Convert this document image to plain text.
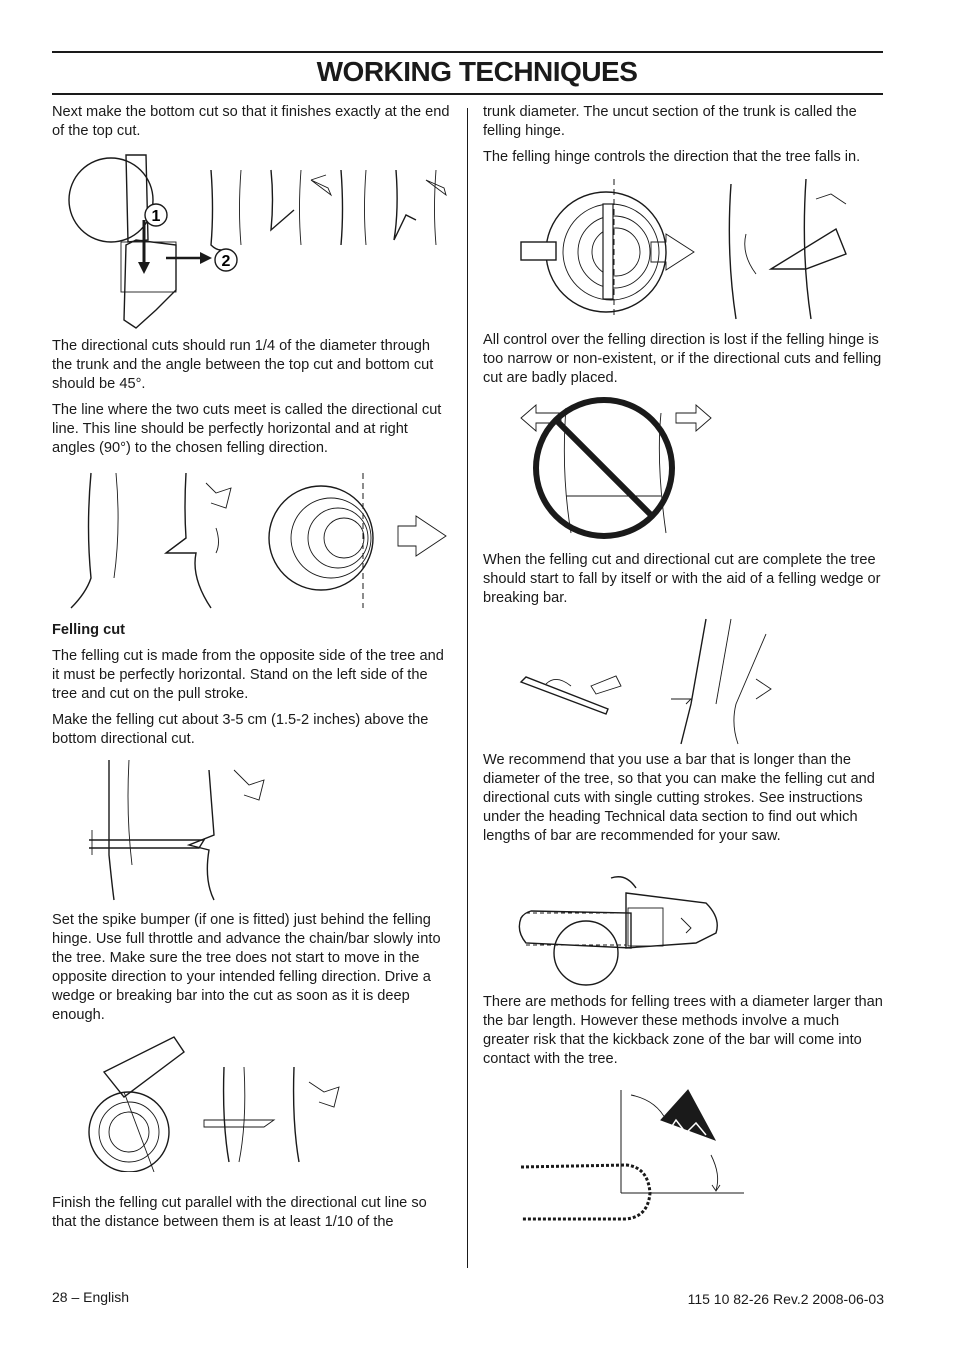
WORKING TECHNIQUES

Next make the bottom cut so that it finishes exactly at the end of the top cut.

1
2

The directional cuts should run 1/4 of the diameter through the trunk and the angle between the top cut and bottom cut should be 45°.

The line where the two cuts meet is called the directional cut line. This line should be perfectly horizontal and at right angles (90°) to the chosen felling direction.

Felling cut

The felling cut is made from the opposite side of the tree and it must be perfectly horizontal. Stand on the left side of the tree and cut on the pull stroke.

Make the felling cut about 3-5 cm (1.5-2 inches) above the bottom directional cut.

Set the spike bumper (if one is fitted) just behind the felling hinge. Use full throttle and advance the chain/bar slowly into the tree. Make sure the tree does not start to move in the opposite direction to your intended felling direction. Drive a wedge or breaking bar into the cut as soon as it is deep enough.

Finish the felling cut parallel with the directional cut line so that the distance between them is at least 1/10 of the

trunk diameter. The uncut section of the trunk is called the felling hinge.

The felling hinge controls the direction that the tree falls in.

All control over the felling direction is lost if the felling hinge is too narrow or non-existent, or if the directional cuts and felling cut are badly placed.

When the felling cut and directional cut are complete the tree should start to fall by itself or with the aid of a felling wedge or breaking bar.

We recommend that you use a bar that is longer than the diameter of the tree, so that you can make the felling cut and directional cuts with single cutting strokes. See instructions under the heading Technical data section to find out which lengths of bar are recommended for your saw.

There are methods for felling trees with a diameter larger than the bar length. However these methods involve a much greater risk that the kickback zone of the bar will come into contact with the tree.

28 – English	115 10 82-26 Rev.2 2008-06-03
